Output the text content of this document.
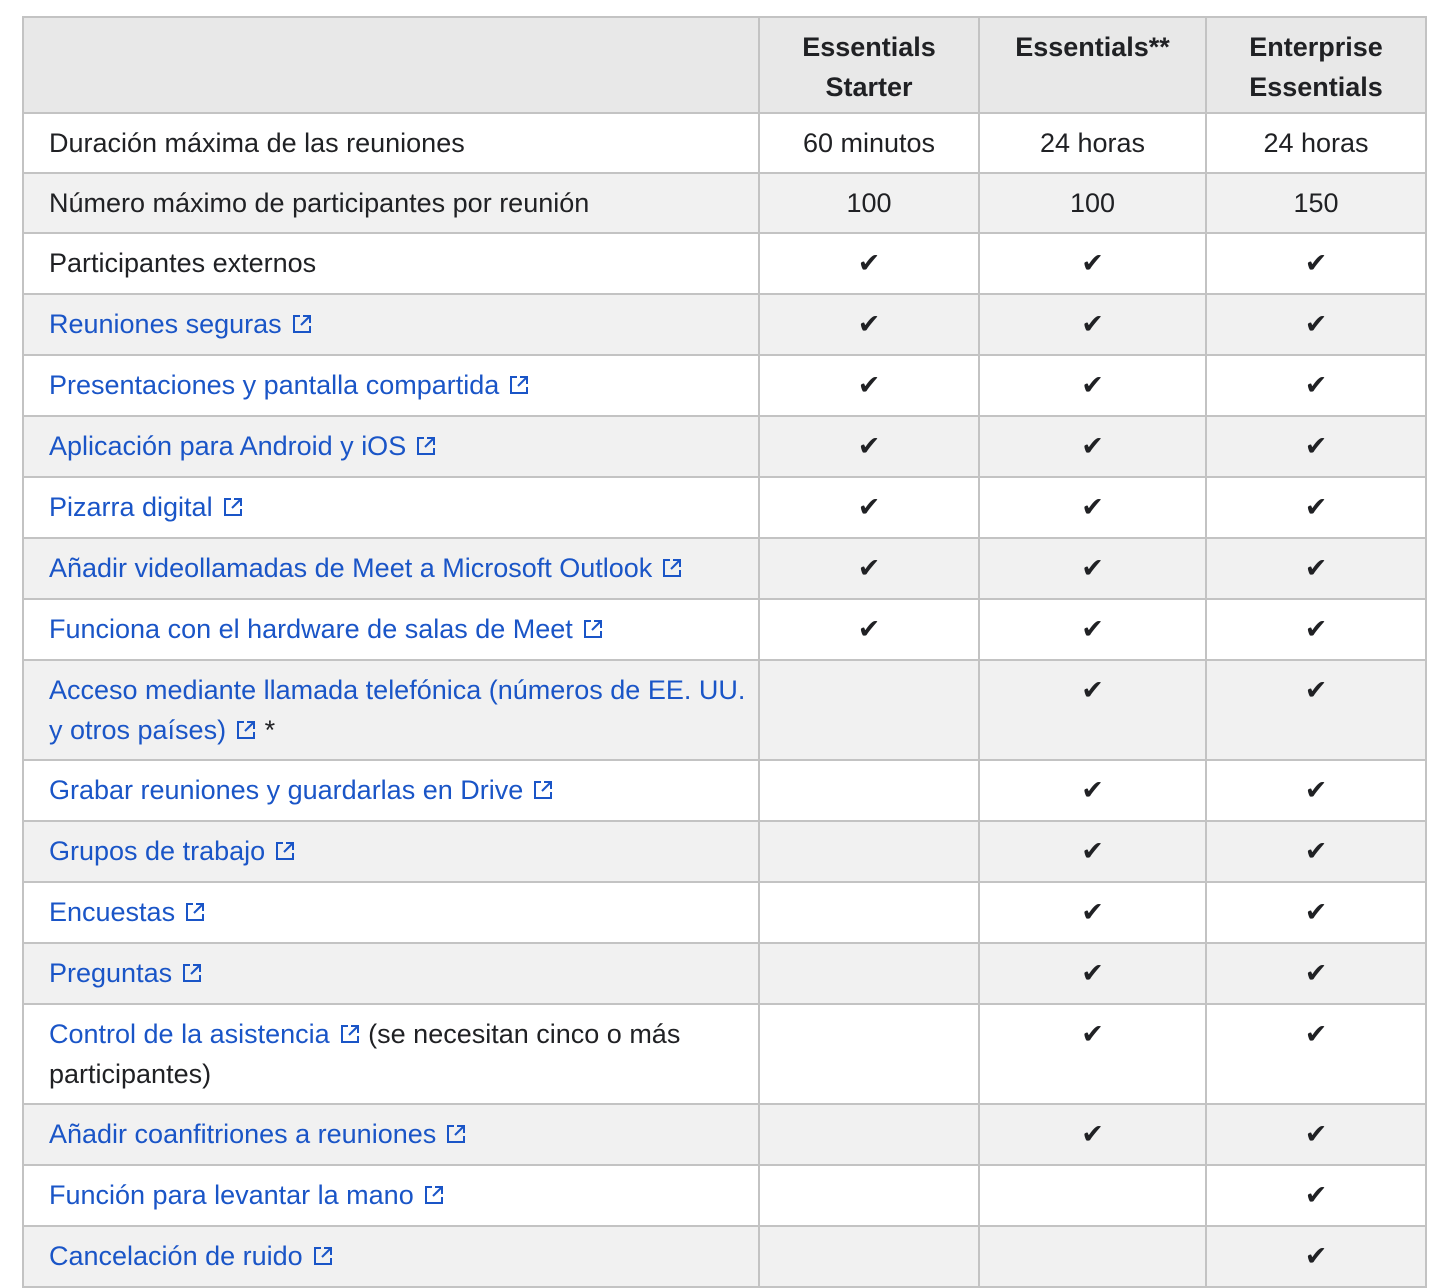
	Essentials Starter	Essentials**	Enterprise Essentials
Duración máxima de las reuniones	60 minutos	24 horas	24 horas
Número máximo de participantes por reunión	100	100	150
Participantes externos	✔	✔	✔
Reuniones seguras	✔	✔	✔
Presentaciones y pantalla compartida	✔	✔	✔
Aplicación para Android y iOS	✔	✔	✔
Pizarra digital	✔	✔	✔
Añadir videollamadas de Meet a Microsoft Outlook	✔	✔	✔
Funciona con el hardware de salas de Meet	✔	✔	✔
Acceso mediante llamada telefónica (números de EE. UU. y otros países) *		✔	✔
Grabar reuniones y guardarlas en Drive		✔	✔
Grupos de trabajo		✔	✔
Encuestas		✔	✔
Preguntas		✔	✔
Control de la asistencia (se necesitan cinco o más participantes)		✔	✔
Añadir coanfitriones a reuniones		✔	✔
Función para levantar la mano			✔
Cancelación de ruido			✔
